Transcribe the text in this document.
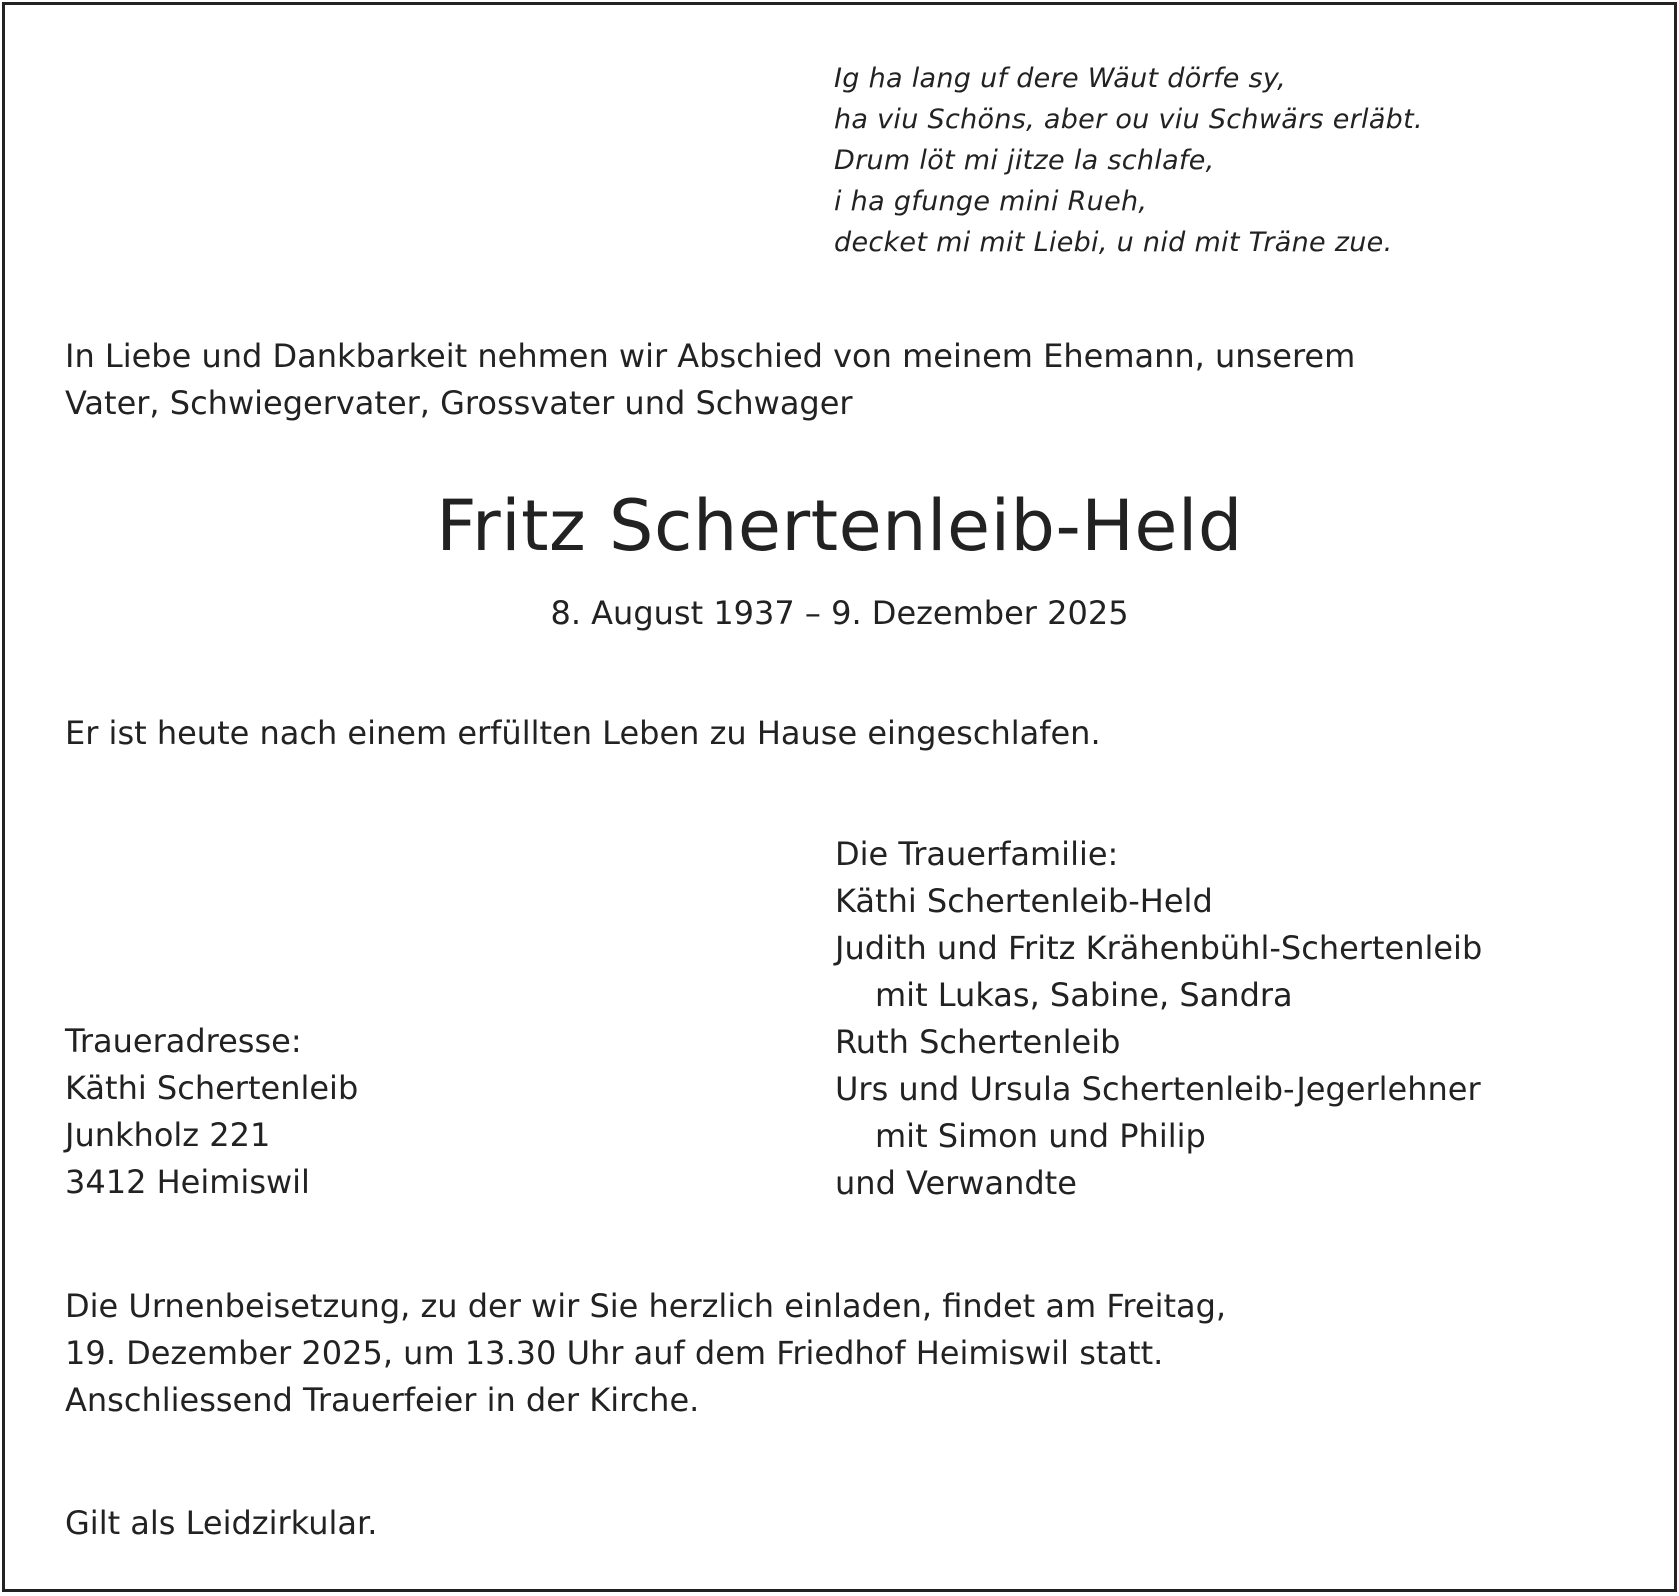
Ig ha lang uf dere Wäut dörfe sy,
ha viu Schöns, aber ou viu Schwärs erläbt.
Drum löt mi jitze la schlafe,
i ha gfunge mini Rueh,
decket mi mit Liebi, u nid mit Träne zue.
In Liebe und Dankbarkeit nehmen wir Abschied von meinem Ehemann, unserem
Vater, Schwiegervater, Grossvater und Schwager
Fritz Schertenleib-Held
8. August 1937 – 9. Dezember 2025
Er ist heute nach einem erfüllten Leben zu Hause eingeschlafen.
Die Trauerfamilie:
Käthi Schertenleib-Held
Judith und Fritz Krähenbühl-Schertenleib
mit Lukas, Sabine, Sandra
Ruth Schertenleib
Urs und Ursula Schertenleib-Jegerlehner
mit Simon und Philip
und Verwandte
Traueradresse:
Käthi Schertenleib
Junkholz 221
3412 Heimiswil
Die Urnenbeisetzung, zu der wir Sie herzlich einladen, findet am Freitag,
19. Dezember 2025, um 13.30 Uhr auf dem Friedhof Heimiswil statt.
Anschliessend Trauerfeier in der Kirche.
Gilt als Leidzirkular.
